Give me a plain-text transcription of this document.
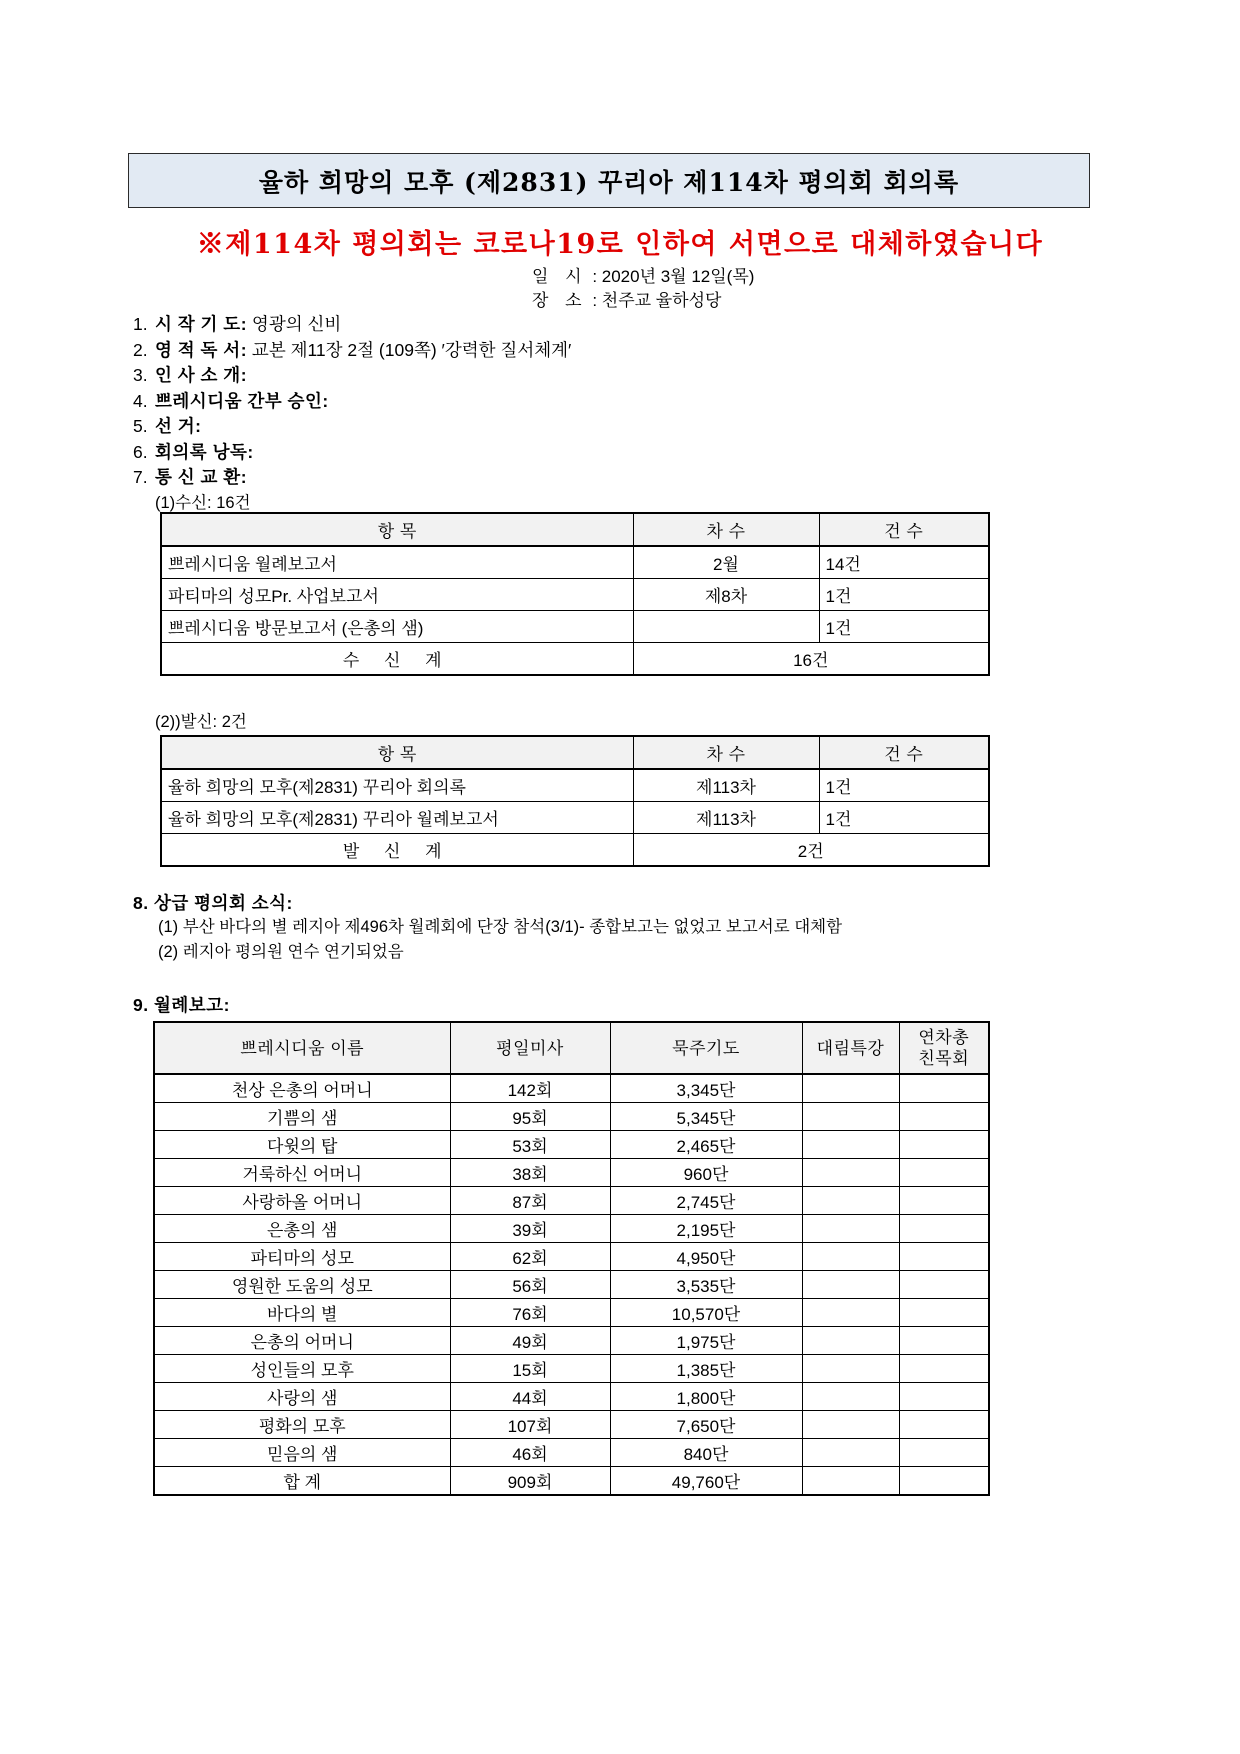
율하 희망의 모후 (제2831) 꾸리아 제114차 평의회 회의록
※제114차 평의회는 코로나19로 인하여 서면으로 대체하였습니다
일 시 : 2020년 3월 12일(목)
장 소 : 천주교 율하성당
1. 시 작 기 도: 영광의 신비
2. 영 적 독 서: 교본 제11장 2절 (109쪽) ′강력한 질서체계′
3. 인 사 소 개:
4. 쁘레시디움 간부 승인:
5. 선 거:
6. 회의록 낭독:
7. 통 신 교 환:
(1)수신: 16건
항 목	차 수	건 수
쁘레시디움 월례보고서	2월	14건
파티마의 성모Pr. 사업보고서	제8차	1건
쁘레시디움 방문보고서 (은총의 샘)		1건
수 신 계	16건	
(2))발신: 2건
항 목	차 수	건 수
율하 희망의 모후(제2831) 꾸리아 회의록	제113차	1건
율하 희망의 모후(제2831) 꾸리아 월례보고서	제113차	1건
발 신 계	2건	
8. 상급 평의회 소식:
(1) 부산 바다의 별 레지아 제496차 월례회에 단장 참석(3/1)- 종합보고는 없었고 보고서로 대체함
(2) 레지아 평의원 연수 연기되었음
9. 월례보고:
쁘레시디움 이름	평일미사	묵주기도	대림특강	연차총
친목회

천상 은총의 어머니	142회	3,345단		
기쁨의 샘	95회	5,345단		
다윗의 탑	53회	2,465단		
거룩하신 어머니	38회	960단		
사랑하올 어머니	87회	2,745단		
은총의 샘	39회	2,195단		
파티마의 성모	62회	4,950단		
영원한 도움의 성모	56회	3,535단		
바다의 별	76회	10,570단		
은총의 어머니	49회	1,975단		
성인들의 모후	15회	1,385단		
사랑의 샘	44회	1,800단		
평화의 모후	107회	7,650단		
믿음의 샘	46회	840단		
합 계	909회	49,760단		
